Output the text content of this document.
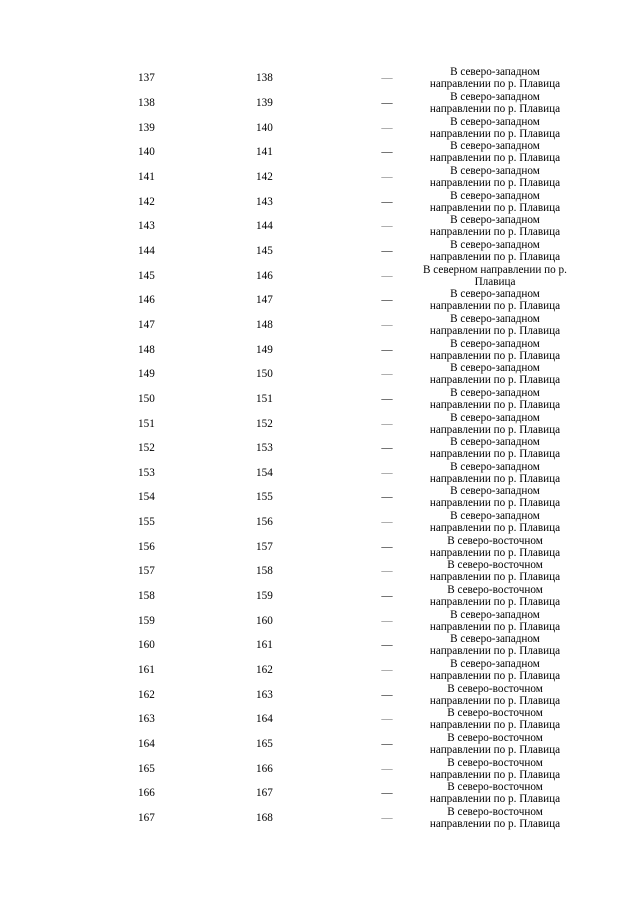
	137	138	—	В северо-западном направлении по р. Плавица	
	138	139	—	В северо-западном направлении по р. Плавица	
	139	140	—	В северо-западном направлении по р. Плавица	
	140	141	—	В северо-западном направлении по р. Плавица	
	141	142	—	В северо-западном направлении по р. Плавица	
	142	143	—	В северо-западном направлении по р. Плавица	
	143	144	—	В северо-западном направлении по р. Плавица	
	144	145	—	В северо-западном направлении по р. Плавица	
	145	146	—	В северном направлении по р. Плавица	
	146	147	—	В северо-западном направлении по р. Плавица	
	147	148	—	В северо-западном направлении по р. Плавица	
	148	149	—	В северо-западном направлении по р. Плавица	
	149	150	—	В северо-западном направлении по р. Плавица	
	150	151	—	В северо-западном направлении по р. Плавица	
	151	152	—	В северо-западном направлении по р. Плавица	
	152	153	—	В северо-западном направлении по р. Плавица	
	153	154	—	В северо-западном направлении по р. Плавица	
	154	155	—	В северо-западном направлении по р. Плавица	
	155	156	—	В северо-западном направлении по р. Плавица	
	156	157	—	В северо-восточном направлении по р. Плавица	
	157	158	—	В северо-восточном направлении по р. Плавица	
	158	159	—	В северо-восточном направлении по р. Плавица	
	159	160	—	В северо-западном направлении по р. Плавица	
	160	161	—	В северо-западном направлении по р. Плавица	
	161	162	—	В северо-западном направлении по р. Плавица	
	162	163	—	В северо-восточном направлении по р. Плавица	
	163	164	—	В северо-восточном направлении по р. Плавица	
	164	165	—	В северо-восточном направлении по р. Плавица	
	165	166	—	В северо-восточном направлении по р. Плавица	
	166	167	—	В северо-восточном направлении по р. Плавица	
	167	168	—	В северо-восточном направлении по р. Плавица	
